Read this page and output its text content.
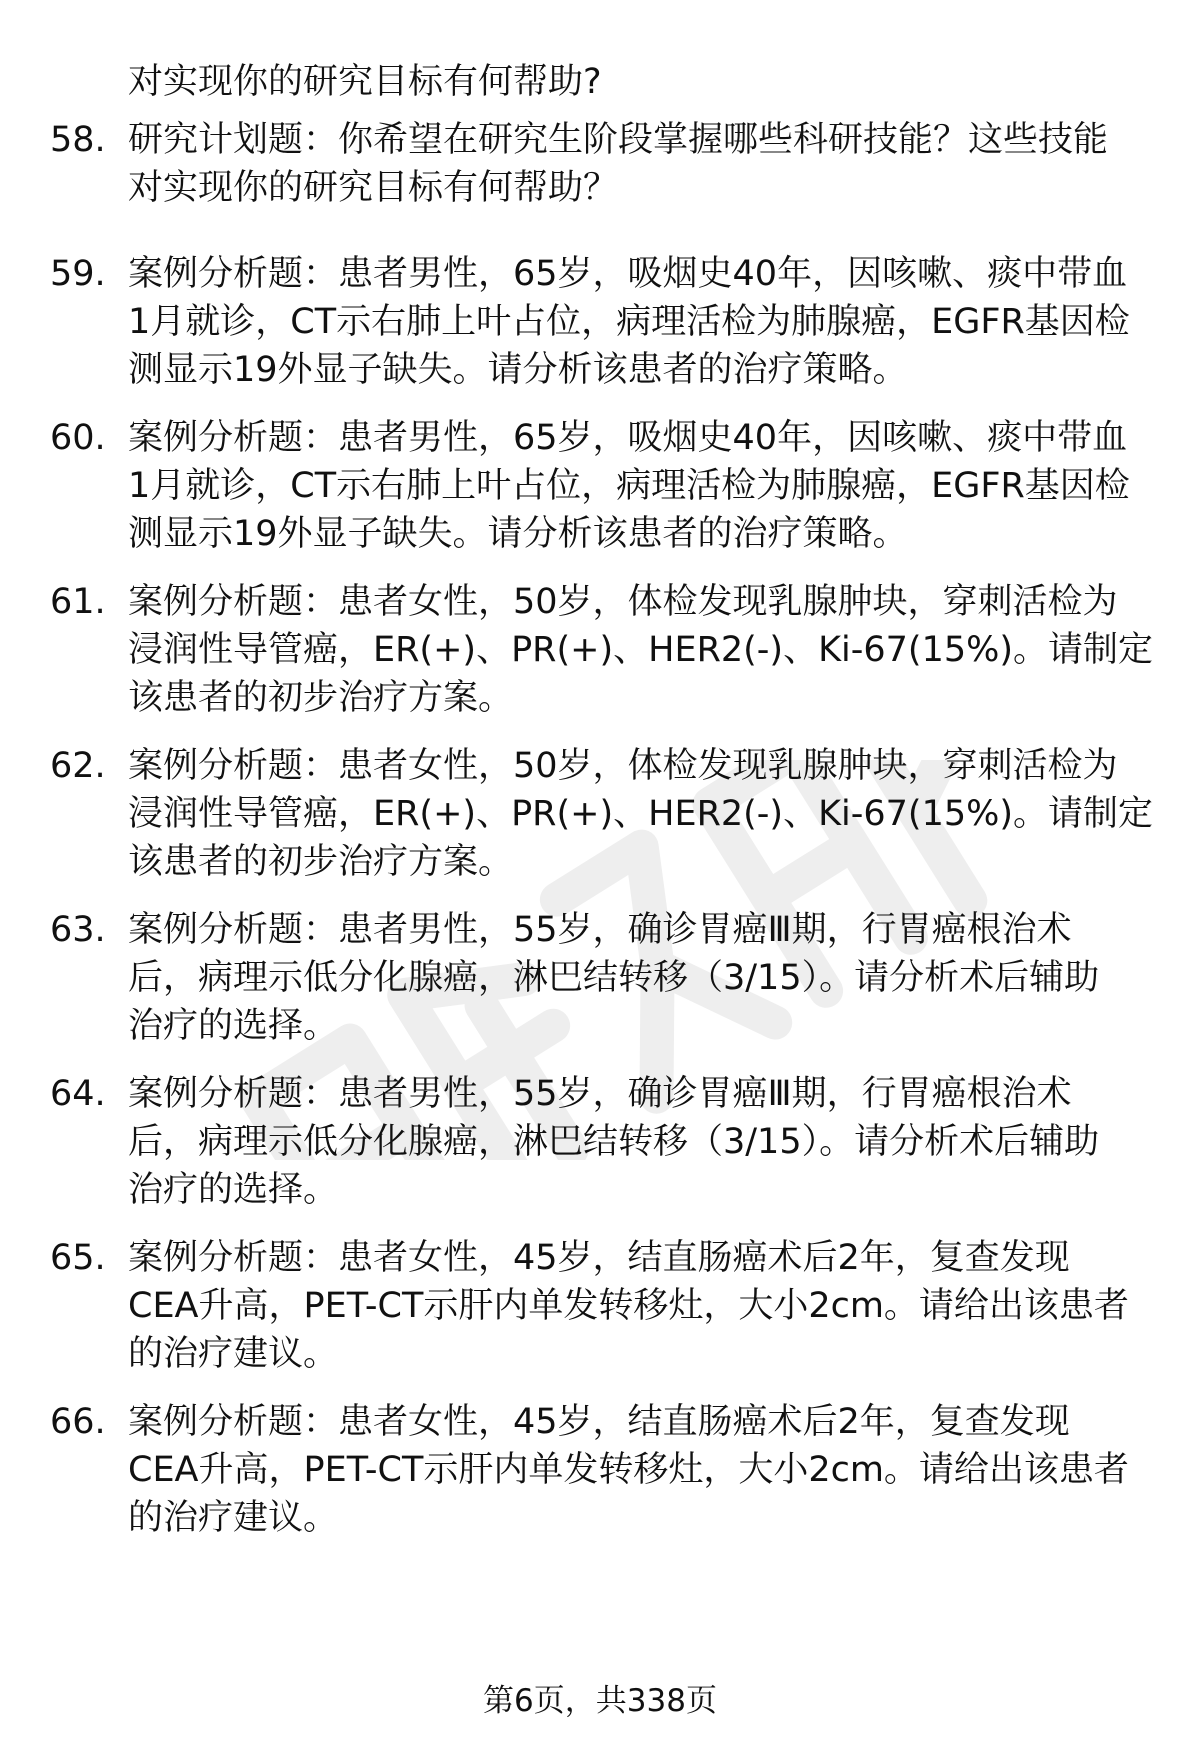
对实现你的研究目标有何帮助?
58. 研究计划题：你希望在研究生阶段掌握哪些科研技能？这些技能
对实现你的研究目标有何帮助？
59. 案例分析题：患者男性，65岁，吸烟史40年，因咳嗽、痰中带血
1月就诊，CT示右肺上叶占位，病理活检为肺腺癌，EGFR基因检
测显示19外显子缺失。请分析该患者的治疗策略。
60. 案例分析题：患者男性，65岁，吸烟史40年，因咳嗽、痰中带血
1月就诊，CT示右肺上叶占位，病理活检为肺腺癌，EGFR基因检
测显示19外显子缺失。请分析该患者的治疗策略。
61. 案例分析题：患者女性，50岁，体检发现乳腺肿块，穿刺活检为
浸润性导管癌，ER(+)、PR(+)、HER2(-)、Ki-67(15%)。请制定
该患者的初步治疗方案。
62. 案例分析题：患者女性，50岁，体检发现乳腺肿块，穿刺活检为
浸润性导管癌，ER(+)、PR(+)、HER2(-)、Ki-67(15%)。请制定
该患者的初步治疗方案。
63. 案例分析题：患者男性，55岁，确诊胃癌Ⅲ期，行胃癌根治术
后，病理示低分化腺癌，淋巴结转移（3/15）。请分析术后辅助
治疗的选择。
64. 案例分析题：患者男性，55岁，确诊胃癌Ⅲ期，行胃癌根治术
后，病理示低分化腺癌，淋巴结转移（3/15）。请分析术后辅助
治疗的选择。
65. 案例分析题：患者女性，45岁，结直肠癌术后2年，复查发现
CEA升高，PET-CT示肝内单发转移灶，大小2cm。请给出该患者
的治疗建议。
66. 案例分析题：患者女性，45岁，结直肠癌术后2年，复查发现
CEA升高，PET-CT示肝内单发转移灶，大小2cm。请给出该患者
的治疗建议。
第6页，共338页
